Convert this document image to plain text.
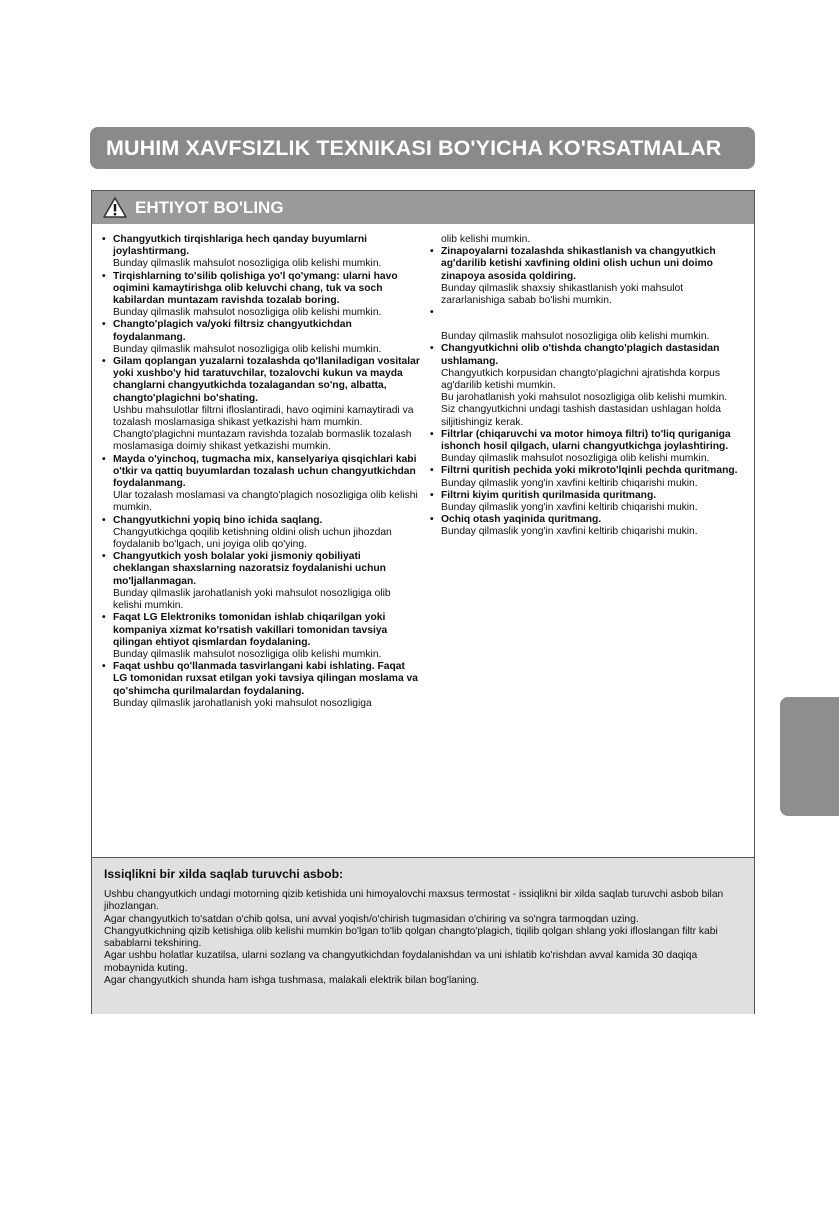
MUHIM XAVFSIZLIK TEXNIKASI BO'YICHA KO'RSATMALAR
EHTIYOT BO'LING
• Changyutkich tirqishlariga hech qanday buyumlarni joylashtirmang.
Bunday qilmaslik mahsulot nosozligiga olib kelishi mumkin.
• Tirqishlarning to'silib qolishiga yo'l qo'ymang: ularni havo oqimini kamaytirishga olib keluvchi chang, tuk va soch kabilardan muntazam ravishda tozalab boring.
Bunday qilmaslik mahsulot nosozligiga olib kelishi mumkin.
• Changto'plagich va/yoki filtrsiz changyutkichdan foydalanmang.
Bunday qilmaslik mahsulot nosozligiga olib kelishi mumkin.
• Gilam qoplangan yuzalarni tozalashda qo'llaniladigan vositalar yoki xushbo'y hid taratuvchilar, tozalovchi kukun va mayda changlarni changyutkichda tozalagandan so'ng, albatta, changto'plagichni bo'shating.
Ushbu mahsulotlar filtrni ifloslantiradi, havo oqimini kamaytiradi va tozalash moslamasiga shikast yetkazishi ham mumkin.
Changto'plagichni muntazam ravishda tozalab bormaslik tozalash moslamasiga doimiy shikast yetkazishi mumkin.
• Mayda o'yinchoq, tugmacha mix, kanselyariya qisqichlari kabi o'tkir va qattiq buyumlardan tozalash uchun changyutkichdan foydalanmang.
Ular tozalash moslamasi va changto'plagich nosozligiga olib kelishi mumkin.
• Changyutkichni yopiq bino ichida saqlang.
Changyutkichga qoqilib ketishning oldini olish uchun jihozdan foydalanib bo'lgach, uni joyiga olib qo'ying.
• Changyutkich yosh bolalar yoki jismoniy qobiliyati cheklangan shaxslarning nazoratsiz foydalanishi uchun mo'ljallanmagan.
Bunday qilmaslik jarohatlanish yoki mahsulot nosozligiga olib kelishi mumkin.
• Faqat LG Elektroniks tomonidan ishlab chiqarilgan yoki kompaniya xizmat ko'rsatish vakillari tomonidan tavsiya qilingan ehtiyot qismlardan foydalaning.
Bunday qilmaslik mahsulot nosozligiga olib kelishi mumkin.
• Faqat ushbu qo'llanmada tasvirlangani kabi ishlating. Faqat LG tomonidan ruxsat etilgan yoki tavsiya qilingan moslama va qo'shimcha qurilmalardan foydalaning.
Bunday qilmaslik jarohatlanish yoki mahsulot nosozligiga
olib kelishi mumkin.
• Zinapoyalarni tozalashda shikastlanish va changyutkich ag'darilib ketishi xavfining oldini olish uchun uni doimo zinapoya asosida qoldiring.
Bunday qilmaslik shaxsiy shikastlanish yoki mahsulot zararlanishiga sabab bo'lishi mumkin.
•
Bunday qilmaslik mahsulot nosozligiga olib kelishi mumkin.
• Changyutkichni olib o'tishda changto'plagich dastasidan ushlamang.
Changyutkich korpusidan changto'plagichni ajratishda korpus ag'darilib ketishi mumkin.
Bu jarohatlanish yoki mahsulot nosozligiga olib kelishi mumkin.
Siz changyutkichni undagi tashish dastasidan ushlagan holda siljitishingiz kerak.
• Filtrlar (chiqaruvchi va motor himoya filtri) to'liq quriganiga ishonch hosil qilgach, ularni changyutkichga joylashtiring.
Bunday qilmaslik mahsulot nosozligiga olib kelishi mumkin.
• Filtrni quritish pechida yoki mikroto'lqinli pechda quritmang.
Bunday qilmaslik yong'in xavfini keltirib chiqarishi mukin.
• Filtrni kiyim quritish qurilmasida quritmang.
Bunday qilmaslik yong'in xavfini keltirib chiqarishi mukin.
• Ochiq otash yaqinida quritmang.
Bunday qilmaslik yong'in xavfini keltirib chiqarishi mukin.
Issiqlikni bir xilda saqlab turuvchi asbob:
Ushbu changyutkich undagi motorning qizib ketishida uni himoyalovchi maxsus termostat - issiqlikni bir xilda saqlab turuvchi asbob bilan jihozlangan.
Agar changyutkich to'satdan o'chib qolsa, uni avval yoqish/o'chirish tugmasidan o'chiring va so'ngra tarmoqdan uzing.
Changyutkichning qizib ketishiga olib kelishi mumkin bo'lgan to'lib qolgan changto'plagich, tiqilib qolgan shlang yoki ifloslangan filtr kabi sabablarni tekshiring.
Agar ushbu holatlar kuzatilsa, ularni sozlang va changyutkichdan foydalanishdan va uni ishlatib ko'rishdan avval kamida 30 daqiqa mobaynida kuting.
Agar changyutkich shunda ham ishga tushmasa, malakali elektrik bilan bog'laning.
